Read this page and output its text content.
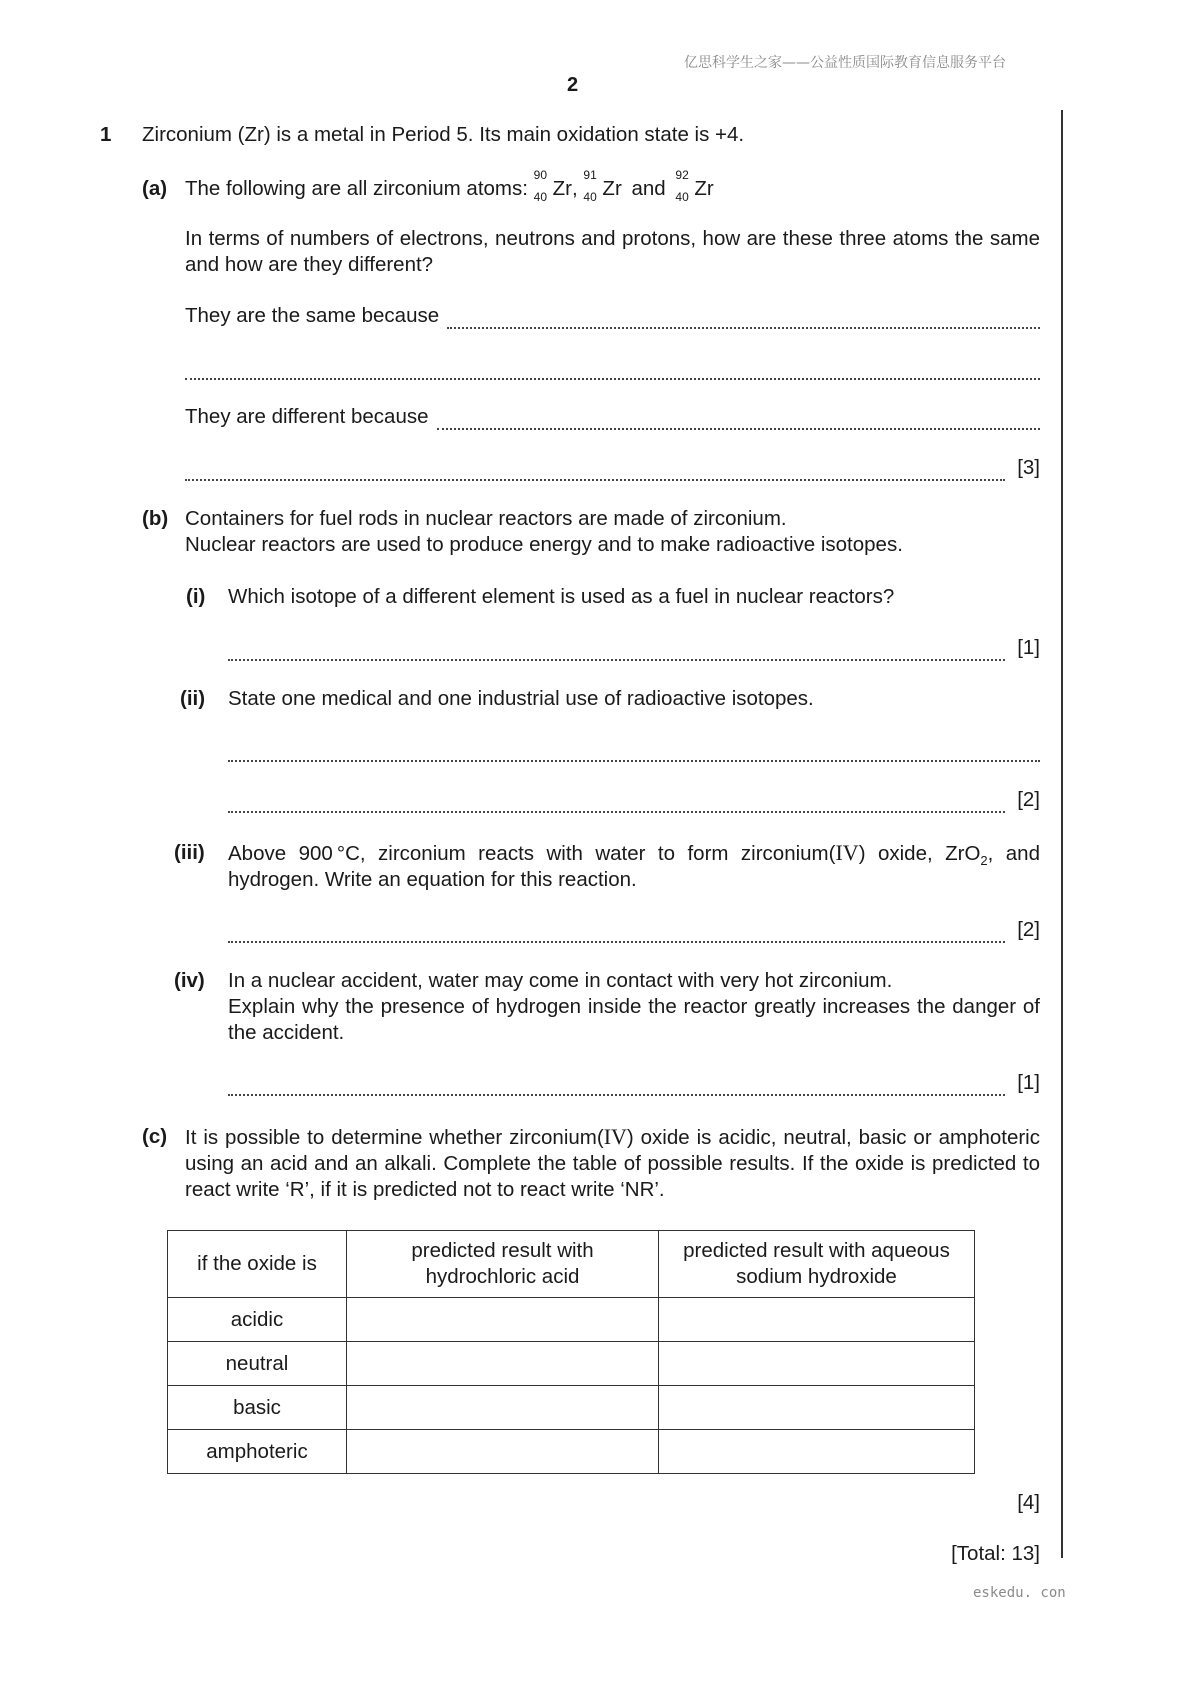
亿思科学生之家——公益性质国际教育信息服务平台
2
1 Zirconium (Zr) is a metal in Period 5. Its main oxidation state is +4.
(a) The following are all zirconium atoms:
90
40 Zr,
91
40 Zr and
92
40 Zr
In terms of numbers of electrons, neutrons and protons, how are these three atoms the same and how are they different?
They are the same because
They are different because
[3]
(b) Containers for fuel rods in nuclear reactors are made of zirconium.
Nuclear reactors are used to produce energy and to make radioactive isotopes.
(i) Which isotope of a different element is used as a fuel in nuclear reactors?
[1]
(ii) State one medical and one industrial use of radioactive isotopes.
[2]
(iii) Above 900 °C, zirconium reacts with water to form zirconium(IV) oxide, ZrO$_2$, and hydrogen. Write an equation for this reaction.
[2]
(iv) In a nuclear accident, water may come in contact with very hot zirconium.
Explain why the presence of hydrogen inside the reactor greatly increases the danger of the accident.
[1]
(c) It is possible to determine whether zirconium(IV) oxide is acidic, neutral, basic or amphoteric using an acid and an alkali. Complete the table of possible results. If the oxide is predicted to react write ‘R’, if it is predicted not to react write ‘NR’.
if the oxide is	predicted result with hydrochloric acid	predicted result with aqueous sodium hydroxide
acidic		
neutral		
basic		
amphoteric		
[4]
[Total: 13]
eskedu. con
